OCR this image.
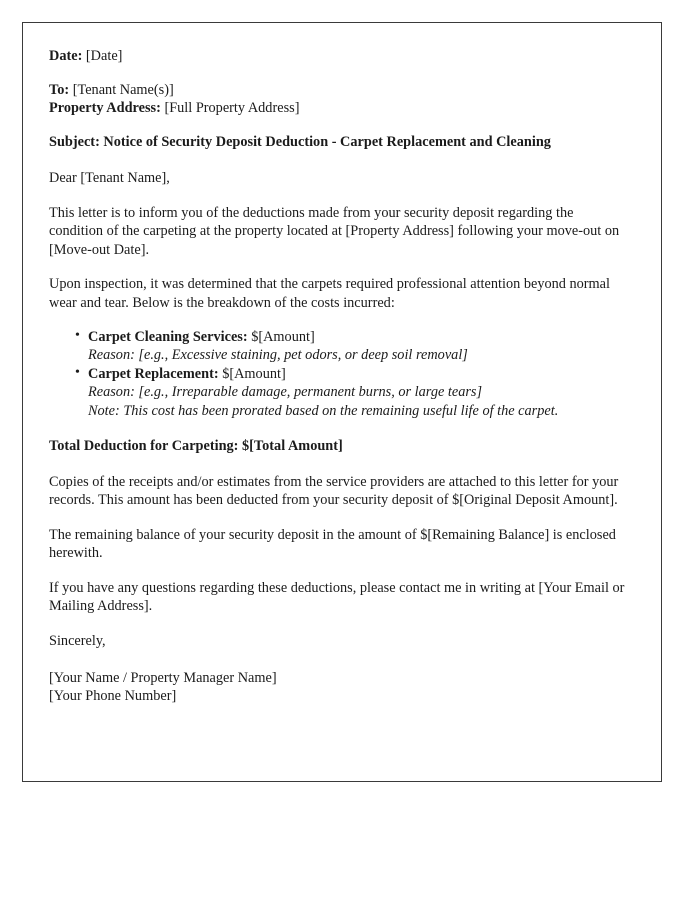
Date: [Date]
To: [Tenant Name(s)]
Property Address: [Full Property Address]
Subject: Notice of Security Deposit Deduction - Carpet Replacement and Cleaning
Dear [Tenant Name],

This letter is to inform you of the deductions made from your security deposit regarding the condition of the carpeting at the property located at [Property Address] following your move-out on [Move-out Date].

Upon inspection, it was determined that the carpets required professional attention beyond normal wear and tear. Below is the breakdown of the costs incurred:

• Carpet Cleaning Services: $[Amount]
Reason: [e.g., Excessive staining, pet odors, or deep soil removal]
• Carpet Replacement: $[Amount]
Reason: [e.g., Irreparable damage, permanent burns, or large tears]
Note: This cost has been prorated based on the remaining useful life of the carpet.
Total Deduction for Carpeting: $[Total Amount]

Copies of the receipts and/or estimates from the service providers are attached to this letter for your records. This amount has been deducted from your security deposit of $[Original Deposit Amount].

The remaining balance of your security deposit in the amount of $[Remaining Balance] is enclosed herewith.

If you have any questions regarding these deductions, please contact me in writing at [Your Email or Mailing Address].

Sincerely,
[Your Name / Property Manager Name]
[Your Phone Number]
